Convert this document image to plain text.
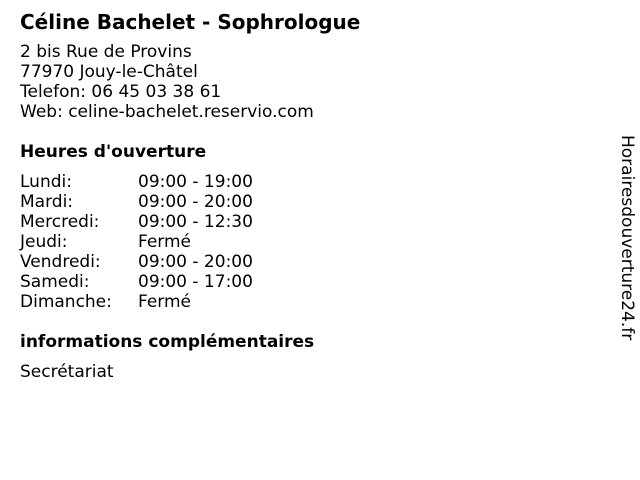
Céline Bachelet - Sophrologue
2 bis Rue de Provins
77970 Jouy-le-Châtel
Telefon: 06 45 03 38 61
Web: celine-bachelet.reservio.com
Heures d'ouverture
Lundi:	09:00 - 19:00
Mardi:	09:00 - 20:00
Mercredi:	09:00 - 12:30
Jeudi:	Fermé
Vendredi:	09:00 - 20:00
Samedi:	09:00 - 17:00
Dimanche:	Fermé
informations complémentaires
Secrétariat
Horairesdouverture24.fr
